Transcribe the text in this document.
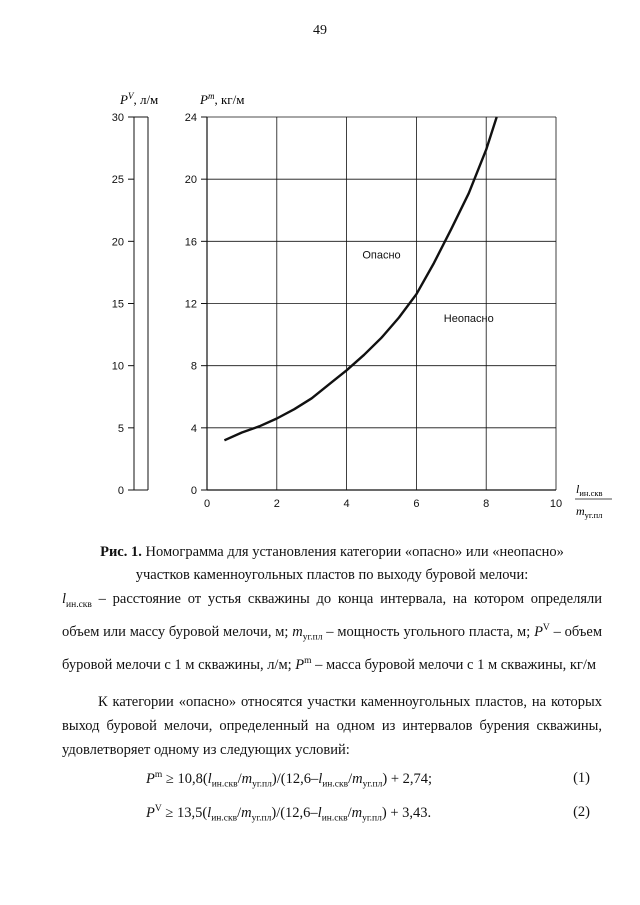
49
0
5
10
15
20
25
30
0
4
8
12
16
20
24
0	2	4	6	8	10
Опасно
Неопасно
$P^V$, л/м	$P^m$, кг/м
$l_{ин.скв}$
$m_{уг.пл}$
Рис. 1. Номограмма для установления категории «опасно» или «неопасно»
участков каменноугольных пластов по выходу буровой мелочи:
$l_{ин.скв}$ – расстояние от устья скважины до конца интервала, на котором определяли объем или массу буровой мелочи, м; $m_{уг.пл}$ – мощность угольного пласта, м; $P^V$ – объем буровой мелочи с 1 м скважины, л/м; $P^m$ – масса буровой мелочи с 1 м скважины, кг/м

К категории «опасно» относятся участки каменноугольных пластов, на которых выход буровой мелочи, определенный на одном из интервалов бурения скважины, удовлетворяет одному из следующих условий:

$P^m \ge 10,8(l_{ин.скв}/m_{уг.пл})/(12,6-l_{ин.скв}/m_{уг.пл}) + 2,74$;	(1)
$P^V \ge 13,5(l_{ин.скв}/m_{уг.пл})/(12,6-l_{ин.скв}/m_{уг.пл}) + 3,43$.	(2)
